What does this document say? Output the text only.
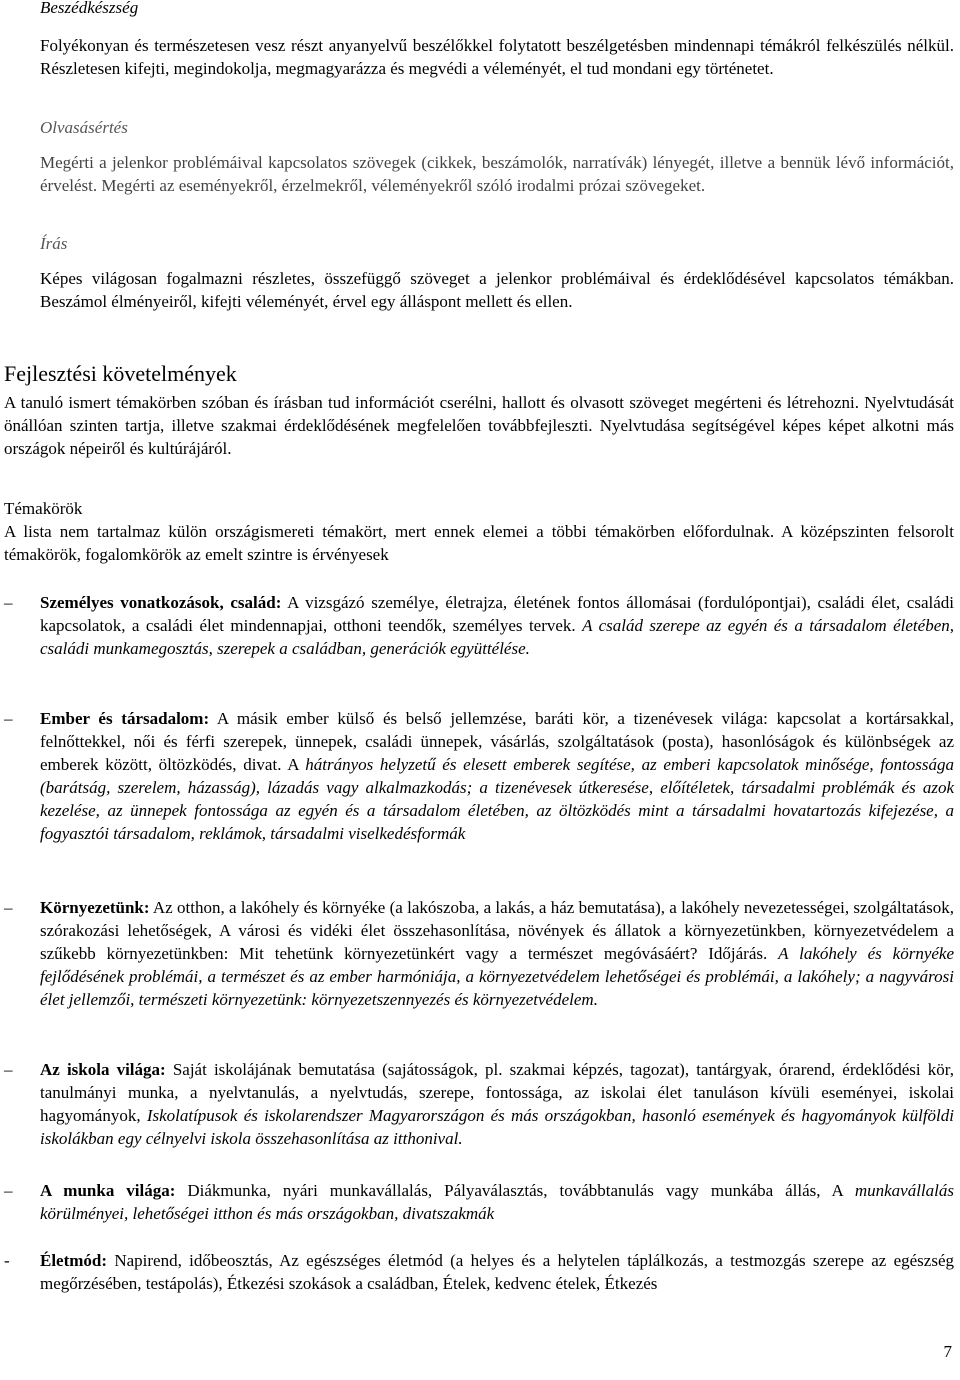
Beszédkészség
Folyékonyan és természetesen vesz részt anyanyelvű beszélőkkel folytatott beszélgetésben mindennapi témákról felkészülés nélkül. Részletesen kifejti, megindokolja, megmagyarázza és megvédi a véleményét, el tud mondani egy történetet.
Olvasásértés
Megérti a jelenkor problémáival kapcsolatos szövegek (cikkek, beszámolók, narratívák) lényegét, illetve a bennük lévő információt, érvelést. Megérti az eseményekről, érzelmekről, véleményekről szóló irodalmi prózai szövegeket.
Írás
Képes világosan fogalmazni részletes, összefüggő szöveget a jelenkor problémáival és érdeklődésével kapcsolatos témákban. Beszámol élményeiről, kifejti véleményét, érvel egy álláspont mellett és ellen.
Fejlesztési követelmények
A tanuló ismert témakörben szóban és írásban tud információt cserélni, hallott és olvasott szöveget megérteni és létrehozni. Nyelvtudását önállóan szinten tartja, illetve szakmai érdeklődésének megfelelően továbbfejleszti. Nyelvtudása segítségével képes képet alkotni más országok népeiről és kultúrájáról.
Témakörök
A lista nem tartalmaz külön országismereti témakört, mert ennek elemei a többi témakörben előfordulnak. A középszinten felsorolt témakörök, fogalomkörök az emelt szintre is érvényesek
– Személyes vonatkozások, család: A vizsgázó személye, életrajza, életének fontos állomásai (fordulópontjai), családi élet, családi kapcsolatok, a családi élet mindennapjai, otthoni teendők, személyes tervek. A család szerepe az egyén és a társadalom életében, családi munkamegosztás, szerepek a családban, generációk együttélése.
– Ember és társadalom: A másik ember külső és belső jellemzése, baráti kör, a tizenévesek világa: kapcsolat a kortársakkal, felnőttekkel, női és férfi szerepek, ünnepek, családi ünnepek, vásárlás, szolgáltatások (posta), hasonlóságok és különbségek az emberek között, öltözködés, divat. A hátrányos helyzetű és elesett emberek segítése, az emberi kapcsolatok minősége, fontossága (barátság, szerelem, házasság), lázadás vagy alkalmazkodás; a tizenévesek útkeresése, előítéletek, társadalmi problémák és azok kezelése, az ünnepek fontossága az egyén és a társadalom életében, az öltözködés mint a társadalmi hovatartozás kifejezése, a fogyasztói társadalom, reklámok, társadalmi viselkedésformák
– Környezetünk: Az otthon, a lakóhely és környéke (a lakószoba, a lakás, a ház bemutatása), a lakóhely nevezetességei, szolgáltatások, szórakozási lehetőségek, A városi és vidéki élet összehasonlítása, növények és állatok a környezetünkben, környezetvédelem a szűkebb környezetünkben: Mit tehetünk környezetünkért vagy a természet megóvásáért? Időjárás. A lakóhely és környéke fejlődésének problémái, a természet és az ember harmóniája, a környezetvédelem lehetőségei és problémái, a lakóhely; a nagyvárosi élet jellemzői, természeti környezetünk: környezetszennyezés és környezetvédelem.
– Az iskola világa: Saját iskolájának bemutatása (sajátosságok, pl. szakmai képzés, tagozat), tantárgyak, órarend, érdeklődési kör, tanulmányi munka, a nyelvtanulás, a nyelvtudás, szerepe, fontossága, az iskolai élet tanuláson kívüli eseményei, iskolai hagyományok, Iskolatípusok és iskolarendszer Magyarországon és más országokban, hasonló események és hagyományok külföldi iskolákban egy célnyelvi iskola összehasonlítása az itthonival.
– A munka világa: Diákmunka, nyári munkavállalás, Pályaválasztás, továbbtanulás vagy munkába állás, A munkavállalás körülményei, lehetőségei itthon és más országokban, divatszakmák
- Életmód: Napirend, időbeosztás, Az egészséges életmód (a helyes és a helytelen táplálkozás, a testmozgás szerepe az egészség megőrzésében, testápolás), Étkezési szokások a családban, Ételek, kedvenc ételek, Étkezés
7
